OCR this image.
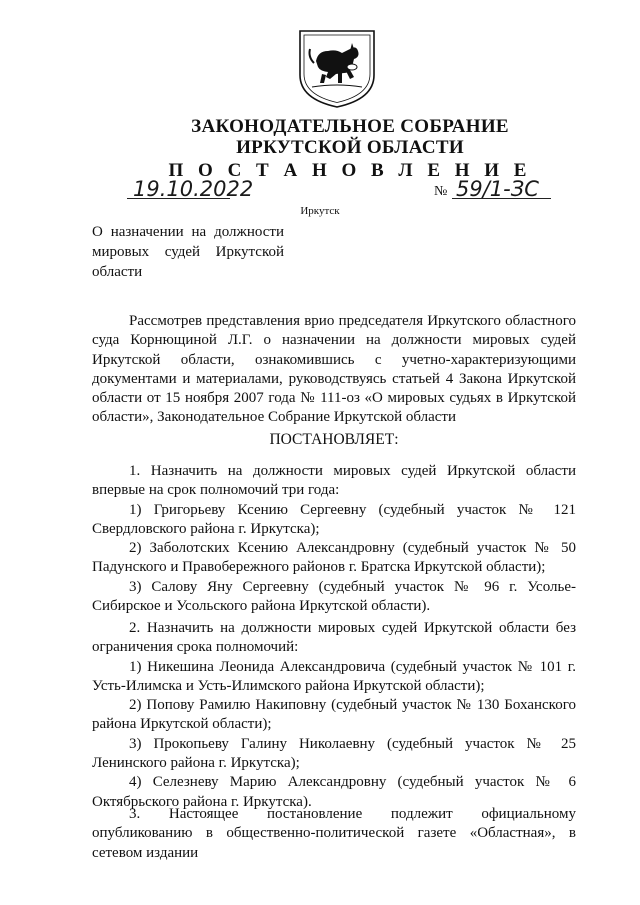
ЗАКОНОДАТЕЛЬНОЕ СОБРАНИЕ
ИРКУТСКОЙ ОБЛАСТИ
П О С Т А Н О В Л Е Н И Е
19.10.2022	№ 59/1-ЗС
Иркутск
О назначении на должности мировых судей Иркутской области
Рассмотрев представления врио председателя Иркутского областного суда Корнющиной Л.Г. о назначении на должности мировых судей Иркутской области, ознакомившись с учетно-характеризующими документами и материалами, руководствуясь статьей 4 Закона Иркутской области от 15 ноября 2007 года № 111-оз «О мировых судьях в Иркутской области», Законодательное Собрание Иркутской области
ПОСТАНОВЛЯЕТ:
1. Назначить на должности мировых судей Иркутской области впервые на срок полномочий три года:
1) Григорьеву Ксению Сергеевну (судебный участок № 121 Свердловского района г. Иркутска);
2) Заболотских Ксению Александровну (судебный участок № 50 Падунского и Правобережного районов г. Братска Иркутской области);
3) Салову Яну Сергеевну (судебный участок № 96 г. Усолье-Сибирское и Усольского района Иркутской области).
2. Назначить на должности мировых судей Иркутской области без ограничения срока полномочий:
1) Никешина Леонида Александровича (судебный участок № 101 г. Усть-Илимска и Усть-Илимского района Иркутской области);
2) Попову Рамилю Накиповну (судебный участок № 130 Боханского района Иркутской области);
3) Прокопьеву Галину Николаевну (судебный участок № 25 Ленинского района г. Иркутска);
4) Селезневу Марию Александровну (судебный участок № 6 Октябрьского района г. Иркутска).
3. Настоящее постановление подлежит официальному опубликованию в общественно-политической газете «Областная», в сетевом издании
